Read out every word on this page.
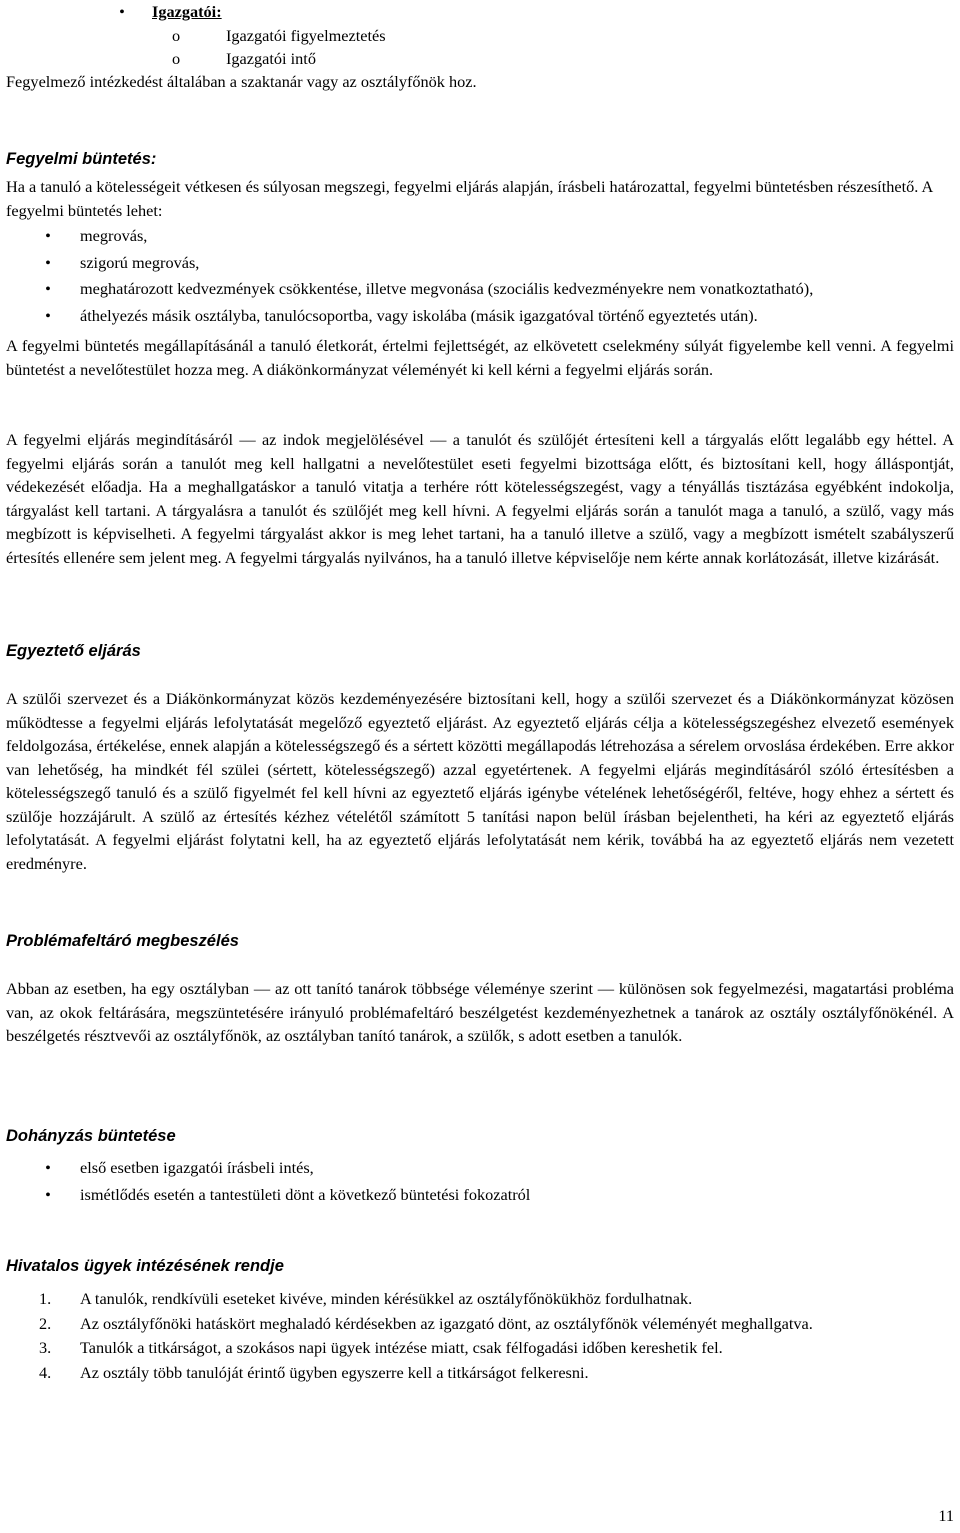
•	Igazgatói:
o	Igazgatói figyelmeztetés
o	Igazgatói intő

Fegyelmező intézkedést általában a szaktanár vagy az osztályfőnök hoz.

Fegyelmi büntetés:

Ha a tanuló a kötelességeit vétkesen és súlyosan megszegi, fegyelmi eljárás alapján, írásbeli határozattal, fegyelmi büntetésben részesíthető. A fegyelmi büntetés lehet:

•	megrovás,
•	szigorú megrovás,
•	meghatározott kedvezmények csökkentése, illetve megvonása (szociális kedvezményekre nem vonatkoztatható),
•	áthelyezés másik osztályba, tanulócsoportba, vagy iskolába (másik igazgatóval történő egyeztetés után).

A fegyelmi büntetés megállapításánál a tanuló életkorát, értelmi fejlettségét, az elkövetett cselekmény súlyát figyelembe kell venni. A fegyelmi büntetést a nevelőtestület hozza meg. A diákönkormányzat véleményét ki kell kérni a fegyelmi eljárás során.

A fegyelmi eljárás megindításáról — az indok megjelölésével — a tanulót és szülőjét értesíteni kell a tárgyalás előtt legalább egy héttel. A fegyelmi eljárás során a tanulót meg kell hallgatni a nevelőtestület eseti fegyelmi bizottsága előtt, és biztosítani kell, hogy álláspontját, védekezését előadja. Ha a meghallgatáskor a tanuló vitatja a terhére rótt kötelességszegést, vagy a tényállás tisztázása egyébként indokolja, tárgyalást kell tartani. A tárgyalásra a tanulót és szülőjét meg kell hívni. A fegyelmi eljárás során a tanulót maga a tanuló, a szülő, vagy más megbízott is képviselheti. A fegyelmi tárgyalást akkor is meg lehet tartani, ha a tanuló illetve a szülő, vagy a megbízott ismételt szabályszerű értesítés ellenére sem jelent meg. A fegyelmi tárgyalás nyilvános, ha a tanuló illetve képviselője nem kérte annak korlátozását, illetve kizárását.

Egyeztető eljárás

A szülői szervezet és a Diákönkormányzat közös kezdeményezésére biztosítani kell, hogy a szülői szervezet és a Diákönkormányzat közösen működtesse a fegyelmi eljárás lefolytatását megelőző egyeztető eljárást. Az egyeztető eljárás célja a kötelességszegéshez elvezető események feldolgozása, értékelése, ennek alapján a kötelességszegő és a sértett közötti megállapodás létrehozása a sérelem orvoslása érdekében. Erre akkor van lehetőség, ha mindkét fél szülei (sértett, kötelességszegő) azzal egyetértenek. A fegyelmi eljárás megindításáról szóló értesítésben a kötelességszegő tanuló és a szülő figyelmét fel kell hívni az egyeztető eljárás igénybe vételének lehetőségéről, feltéve, hogy ehhez a sértett és szülője hozzájárult. A szülő az értesítés kézhez vételétől számított 5 tanítási napon belül írásban bejelentheti, ha kéri az egyeztető eljárás lefolytatását. A fegyelmi eljárást folytatni kell, ha az egyeztető eljárás lefolytatását nem kérik, továbbá ha az egyeztető eljárás nem vezetett eredményre.

Problémafeltáró megbeszélés

Abban az esetben, ha egy osztályban — az ott tanító tanárok többsége véleménye szerint — különösen sok fegyelmezési, magatartási probléma van, az okok feltárására, megszüntetésére irányuló problémafeltáró beszélgetést kezdeményezhetnek a tanárok az osztály osztályfőnökénél. A beszélgetés résztvevői az osztályfőnök, az osztályban tanító tanárok, a szülők, s adott esetben a tanulók.

Dohányzás büntetése
•	első esetben igazgatói írásbeli intés,
•	ismétlődés esetén a tantestületi dönt a következő büntetési fokozatról
Hivatalos ügyek intézésének rendje
1.	A tanulók, rendkívüli eseteket kivéve, minden kérésükkel az osztályfőnökükhöz fordulhatnak.
2.	Az osztályfőnöki hatáskört meghaladó kérdésekben az igazgató dönt, az osztályfőnök véleményét meghallgatva.
3.	Tanulók a titkárságot, a szokásos napi ügyek intézése miatt, csak félfogadási időben kereshetik fel.
4.	Az osztály több tanulóját érintő ügyben egyszerre kell a titkárságot felkeresni.
11
